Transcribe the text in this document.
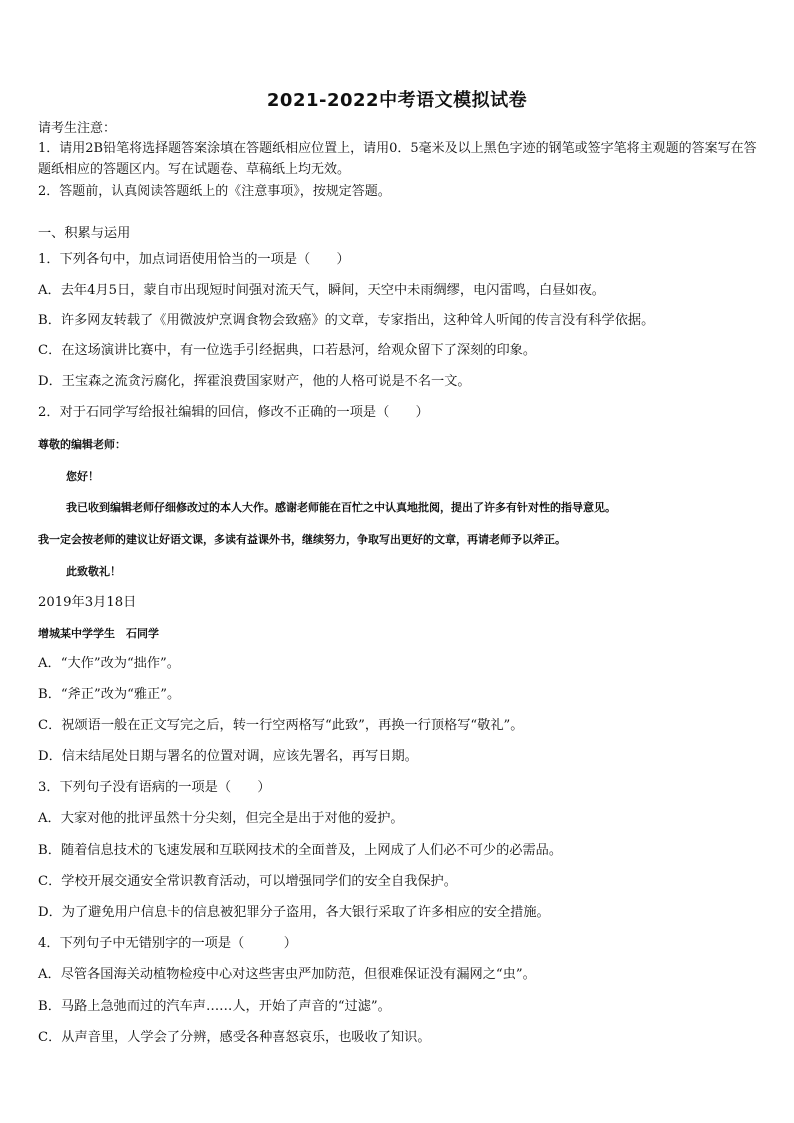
2021-2022中考语文模拟试卷
请考生注意：
1．请用2B铅笔将选择题答案涂填在答题纸相应位置上，请用0．5毫米及以上黑色字迹的钢笔或签字笔将主观题的答案写在答题纸相应的答题区内。写在试题卷、草稿纸上均无效。
2．答题前，认真阅读答题纸上的《注意事项》，按规定答题。
一、积累与运用
1．下列各句中，加点词语使用恰当的一项是（　　）
A．去年4月5日，蒙自市出现短时间强对流天气，瞬间，天空中未雨绸缪，电闪雷鸣，白昼如夜。
B．许多网友转载了《用微波炉烹调食物会致癌》的文章，专家指出，这种耸人听闻的传言没有科学依据。
C．在这场演讲比赛中，有一位选手引经据典，口若悬河，给观众留下了深刻的印象。
D．王宝森之流贪污腐化，挥霍浪费国家财产，他的人格可说是不名一文。
2．对于石同学写给报社编辑的回信，修改不正确的一项是（　　）
尊敬的编辑老师：
您好！
我已收到编辑老师仔细修改过的本人大作。感谢老师能在百忙之中认真地批阅，提出了许多有针对性的指导意见。
我一定会按老师的建议让好语文课，多读有益课外书，继续努力，争取写出更好的文章，再请老师予以斧正。
此致敬礼！
2019年3月18日
增城某中学学生　石同学
A．“大作”改为“拙作”。
B．“斧正”改为“雅正”。
C．祝颂语一般在正文写完之后，转一行空两格写“此致”，再换一行顶格写“敬礼”。
D．信末结尾处日期与署名的位置对调，应该先署名，再写日期。
3．下列句子没有语病的一项是（　　）
A．大家对他的批评虽然十分尖刻，但完全是出于对他的爱护。
B．随着信息技术的飞速发展和互联网技术的全面普及，上网成了人们必不可少的必需品。
C．学校开展交通安全常识教育活动，可以增强同学们的安全自我保护。
D．为了避免用户信息卡的信息被犯罪分子盗用，各大银行采取了许多相应的安全措施。
4．下列句子中无错别字的一项是（　　　）
A．尽管各国海关动植物检疫中心对这些害虫严加防范，但很难保证没有漏网之“虫”。
B．马路上急弛而过的汽车声……人，开始了声音的“过滤”。
C．从声音里，人学会了分辨，感受各种喜怒哀乐，也吸收了知识。
